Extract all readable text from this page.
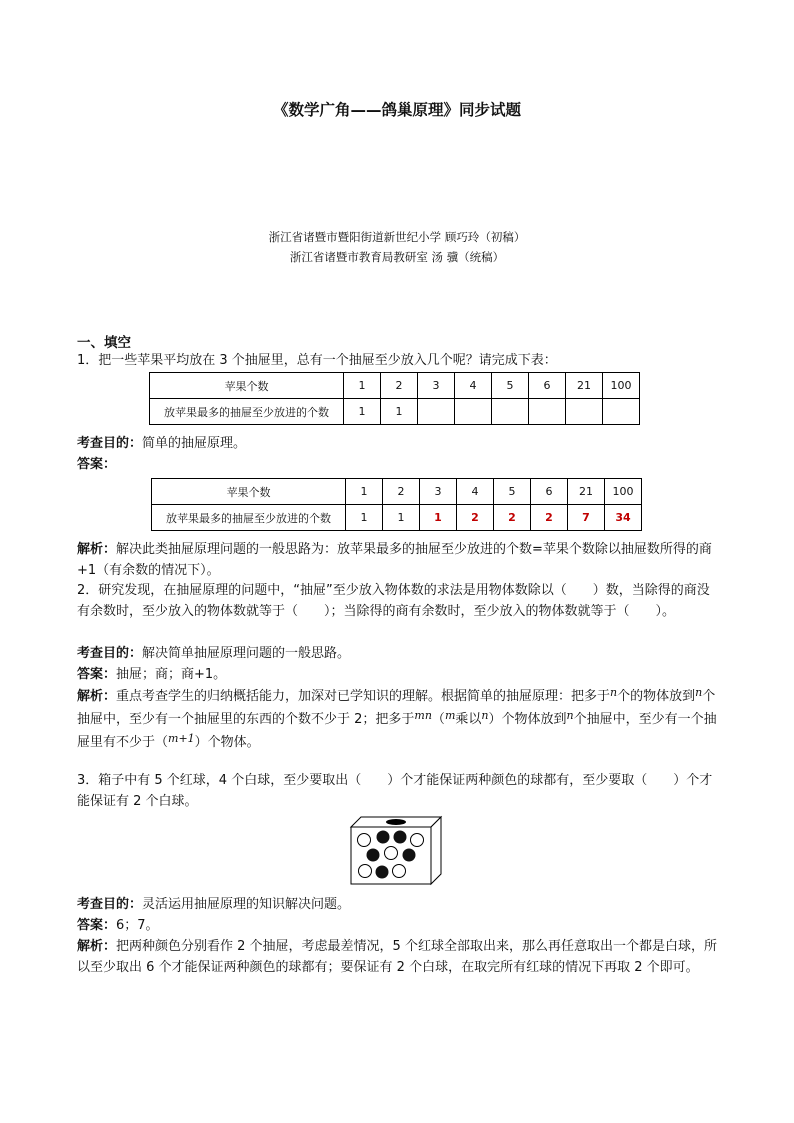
《数学广角——鸽巢原理》同步试题
浙江省诸暨市暨阳街道新世纪小学 顾巧玲（初稿）
浙江省诸暨市教育局教研室 汤 骥（统稿）
一、填空
1．把一些苹果平均放在 3 个抽屉里，总有一个抽屉至少放入几个呢？请完成下表：
苹果个数	1	2	3	4	5	6	21	100
放苹果最多的抽屉至少放进的个数	1	1						
考查目的：简单的抽屉原理。
答案：
苹果个数	1	2	3	4	5	6	21	100
放苹果最多的抽屉至少放进的个数	1	1	1	2	2	2	7	34
解析：解决此类抽屉原理问题的一般思路为：放苹果最多的抽屉至少放进的个数=苹果个数除以抽屉数所得的商+1（有余数的情况下）。
2．研究发现，在抽屉原理的问题中，“抽屉”至少放入物体数的求法是用物体数除以（　　）数，当除得的商没有余数时，至少放入的物体数就等于（　　）；当除得的商有余数时，至少放入的物体数就等于（　　）。
考查目的：解决简单抽屉原理问题的一般思路。
答案：抽屉；商；商+1。
解析：重点考查学生的归纳概括能力，加深对已学知识的理解。根据简单的抽屉原理：把多于$^n$个的物体放到$^n$个抽屉中，至少有一个抽屉里的东西的个数不少于 2；把多于$^{mn}$（$^m$乘以$^n$）个物体放到$^n$个抽屉中，至少有一个抽屉里有不少于（$^{m+1}$）个物体。
3．箱子中有 5 个红球，4 个白球，至少要取出（　　）个才能保证两种颜色的球都有，至少要取（　　）个才能保证有 2 个白球。
考查目的：灵活运用抽屉原理的知识解决问题。
答案：6；7。
解析：把两种颜色分别看作 2 个抽屉，考虑最差情况，5 个红球全部取出来，那么再任意取出一个都是白球，所以至少取出 6 个才能保证两种颜色的球都有；要保证有 2 个白球，在取完所有红球的情况下再取 2 个即可。
